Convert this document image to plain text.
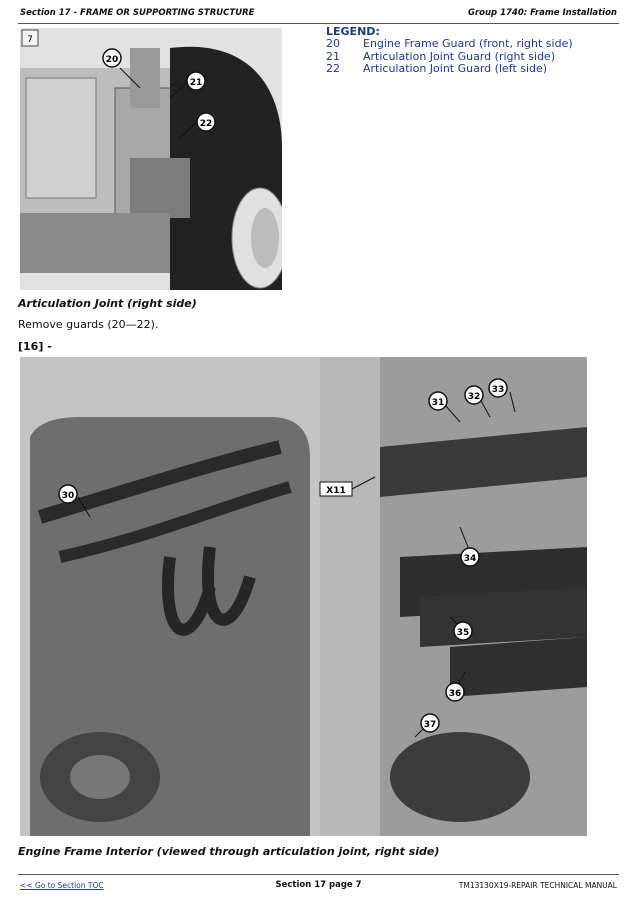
Section 17 - FRAME OR SUPPORTING STRUCTURE	Group 1740: Frame Installation
7
20
21
22
LEGEND:
20	Engine Frame Guard (front, right side)
21	Articulation Joint Guard (right side)
22	Articulation Joint Guard (left side)
Articulation Joint (right side)
Remove guards (20—22).
[16] -
31
32
33
30
34
35
36
37
X11
Engine Frame Interior (viewed through articulation joint, right side)
<< Go to Section TOC	Section 17 page 7	TM13130X19-REPAIR TECHNICAL MANUAL
